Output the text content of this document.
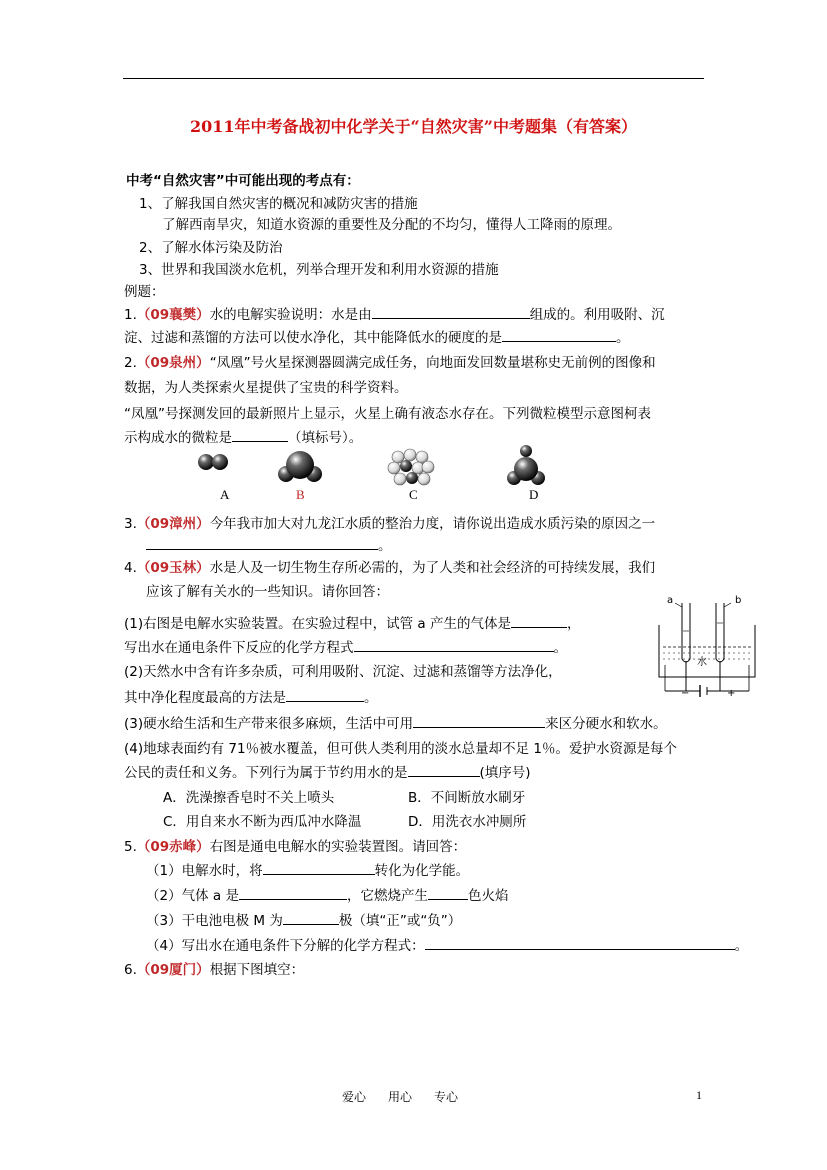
2011年中考备战初中化学关于“自然灾害”中考题集（有答案）
中考“自然灾害”中可能出现的考点有：
1、了解我国自然灾害的概况和减防灾害的措施
了解西南旱灾，知道水资源的重要性及分配的不均匀，懂得人工降雨的原理。
2、了解水体污染及防治
3、世界和我国淡水危机，列举合理开发和利用水资源的措施
例题：
1.（09襄樊）水的电解实验说明：水是由	组成的。利用吸附、沉
淀、过滤和蒸馏的方法可以使水净化，其中能降低水的硬度的是	。
2.（09泉州）“凤凰”号火星探测器圆满完成任务，向地面发回数量堪称史无前例的图像和
数据，为人类探索火星提供了宝贵的科学资料。
“凤凰”号探测发回的最新照片上显示，火星上确有液态水存在。下列微粒模型示意图柯表
示构成水的微粒是	（填标号）。
A	B	C	D
3.（09漳州）今年我市加大对九龙江水质的整治力度，请你说出造成水质污染的原因之一
。
4.（09玉林）水是人及一切生物生存所必需的，为了人类和社会经济的可持续发展，我们
应该了解有关水的一些知识。请你回答：
(1)右图是电解水实验装置。在实验过程中，试管 a 产生的气体是	，
写出水在通电条件下反应的化学方程式	。
(2)天然水中含有许多杂质，可利用吸附、沉淀、过滤和蒸馏等方法净化，
其中净化程度最高的方法是	。
(3)硬水给生活和生产带来很多麻烦，生活中可用	来区分硬水和软水。
(4)地球表面约有 71％被水覆盖，但可供人类利用的淡水总量却不足 1％。爱护水资源是每个
公民的责任和义务。下列行为属于节约用水的是	(填序号)
A．洗澡擦香皂时不关上喷头	B．不间断放水刷牙
C．用自来水不断为西瓜冲水降温	D．用洗衣水冲厕所
a	b
水
−	+
5.（09赤峰）右图是通电电解水的实验装置图。请回答：
（1）电解水时，将	转化为化学能。
（2）气体 a 是	，它燃烧产生	色火焰
（3）干电池电极 M 为	极（填“正”或“负”）
（4）写出水在通电条件下分解的化学方程式：	。
6.（09厦门）根据下图填空：
爱心 用心 专心	1
